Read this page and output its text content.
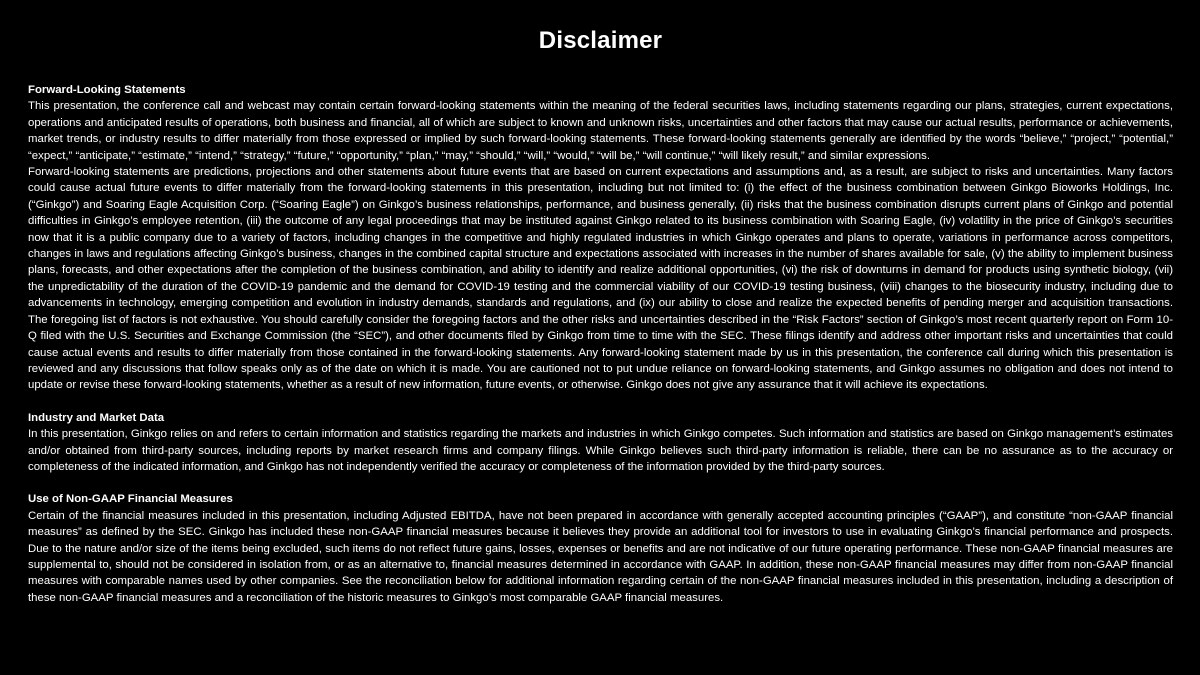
Disclaimer
Forward-Looking Statements

This presentation, the conference call and webcast may contain certain forward-looking statements within the meaning of the federal securities laws, including statements regarding our plans, strategies, current expectations, operations and anticipated results of operations, both business and financial, all of which are subject to known and unknown risks, uncertainties and other factors that may cause our actual results, performance or achievements, market trends, or industry results to differ materially from those expressed or implied by such forward-looking statements. These forward-looking statements generally are identified by the words “believe,” “project,” “potential,” “expect,” “anticipate,” “estimate,” “intend,” “strategy,” “future,” “opportunity,” “plan,” “may,” “should,” “will,” “would,” “will be,” “will continue,” “will likely result,” and similar expressions.

Forward-looking statements are predictions, projections and other statements about future events that are based on current expectations and assumptions and, as a result, are subject to risks and uncertainties. Many factors could cause actual future events to differ materially from the forward-looking statements in this presentation, including but not limited to: (i) the effect of the business combination between Ginkgo Bioworks Holdings, Inc. (“Ginkgo”) and Soaring Eagle Acquisition Corp. (“Soaring Eagle”) on Ginkgo’s business relationships, performance, and business generally, (ii) risks that the business combination disrupts current plans of Ginkgo and potential difficulties in Ginkgo’s employee retention, (iii) the outcome of any legal proceedings that may be instituted against Ginkgo related to its business combination with Soaring Eagle, (iv) volatility in the price of Ginkgo’s securities now that it is a public company due to a variety of factors, including changes in the competitive and highly regulated industries in which Ginkgo operates and plans to operate, variations in performance across competitors, changes in laws and regulations affecting Ginkgo’s business, changes in the combined capital structure and expectations associated with increases in the number of shares available for sale, (v) the ability to implement business plans, forecasts, and other expectations after the completion of the business combination, and ability to identify and realize additional opportunities, (vi) the risk of downturns in demand for products using synthetic biology, (vii) the unpredictability of the duration of the COVID-19 pandemic and the demand for COVID-19 testing and the commercial viability of our COVID-19 testing business, (viii) changes to the biosecurity industry, including due to advancements in technology, emerging competition and evolution in industry demands, standards and regulations, and (ix) our ability to close and realize the expected benefits of pending merger and acquisition transactions. The foregoing list of factors is not exhaustive. You should carefully consider the foregoing factors and the other risks and uncertainties described in the “Risk Factors” section of Ginkgo’s most recent quarterly report on Form 10-Q filed with the U.S. Securities and Exchange Commission (the “SEC”), and other documents filed by Ginkgo from time to time with the SEC. These filings identify and address other important risks and uncertainties that could cause actual events and results to differ materially from those contained in the forward-looking statements. Any forward-looking statement made by us in this presentation, the conference call during which this presentation is reviewed and any discussions that follow speaks only as of the date on which it is made. You are cautioned not to put undue reliance on forward-looking statements, and Ginkgo assumes no obligation and does not intend to update or revise these forward-looking statements, whether as a result of new information, future events, or otherwise. Ginkgo does not give any assurance that it will achieve its expectations.

Industry and Market Data

In this presentation, Ginkgo relies on and refers to certain information and statistics regarding the markets and industries in which Ginkgo competes. Such information and statistics are based on Ginkgo management’s estimates and/or obtained from third-party sources, including reports by market research firms and company filings. While Ginkgo believes such third-party information is reliable, there can be no assurance as to the accuracy or completeness of the indicated information, and Ginkgo has not independently verified the accuracy or completeness of the information provided by the third-party sources.

Use of Non-GAAP Financial Measures

Certain of the financial measures included in this presentation, including Adjusted EBITDA, have not been prepared in accordance with generally accepted accounting principles (“GAAP”), and constitute “non-GAAP financial measures” as defined by the SEC. Ginkgo has included these non-GAAP financial measures because it believes they provide an additional tool for investors to use in evaluating Ginkgo’s financial performance and prospects. Due to the nature and/or size of the items being excluded, such items do not reflect future gains, losses, expenses or benefits and are not indicative of our future operating performance. These non-GAAP financial measures are supplemental to, should not be considered in isolation from, or as an alternative to, financial measures determined in accordance with GAAP. In addition, these non-GAAP financial measures may differ from non-GAAP financial measures with comparable names used by other companies. See the reconciliation below for additional information regarding certain of the non-GAAP financial measures included in this presentation, including a description of these non-GAAP financial measures and a reconciliation of the historic measures to Ginkgo’s most comparable GAAP financial measures.
